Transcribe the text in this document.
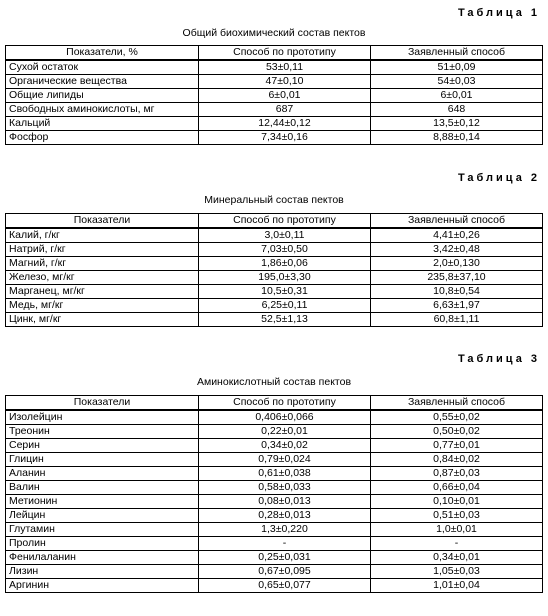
Таблица 1
Общий биохимический состав пектов
Показатели, %	Способ по прототипу	Заявленный способ
Сухой остаток	53±0,11	51±0,09
Органические вещества	47±0,10	54±0,03
Общие липиды	6±0,01	6±0,01
Свободных аминокислоты, мг	687	648
Кальций	12,44±0,12	13,5±0,12
Фосфор	7,34±0,16	8,88±0,14
Таблица 2
Минеральный состав пектов
Показатели	Способ по прототипу	Заявленный способ
Калий, г/кг	3,0±0,11	4,41±0,26
Натрий, г/кг	7,03±0,50	3,42±0,48
Магний, г/кг	1,86±0,06	2,0±0,130
Железо, мг/кг	195,0±3,30	235,8±37,10
Марганец, мг/кг	10,5±0,31	10,8±0,54
Медь, мг/кг	6,25±0,11	6,63±1,97
Цинк, мг/кг	52,5±1,13	60,8±1,11
Таблица 3
Аминокислотный состав пектов
Показатели	Способ по прототипу	Заявленный способ
Изолейцин	0,406±0,066	0,55±0,02
Треонин	0,22±0,01	0,50±0,02
Серин	0,34±0,02	0,77±0,01
Глицин	0,79±0,024	0,84±0,02
Аланин	0,61±0,038	0,87±0,03
Валин	0,58±0,033	0,66±0,04
Метионин	0,08±0,013	0,10±0,01
Лейцин	0,28±0,013	0,51±0,03
Глутамин	1,3±0,220	1,0±0,01
Пролин	-	-
Фенилаланин	0,25±0,031	0,34±0,01
Лизин	0,67±0,095	1,05±0,03
Аргинин	0,65±0,077	1,01±0,04
